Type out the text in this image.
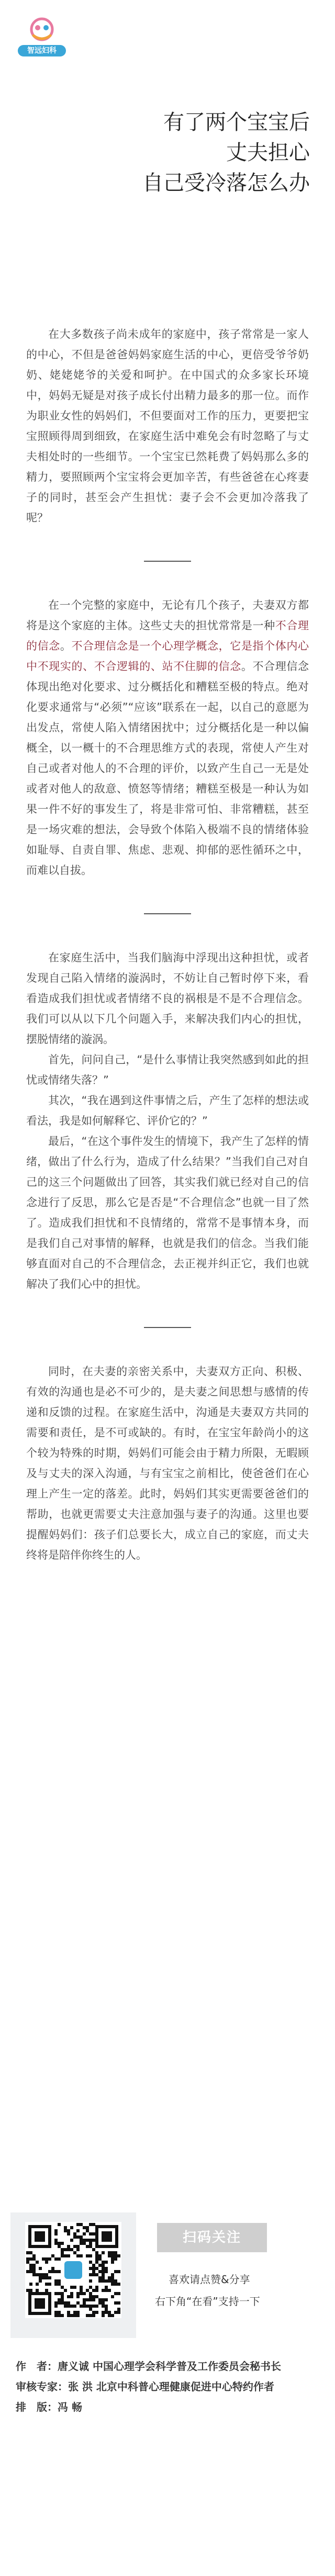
智远妇科
有了两个宝宝后
丈夫担心
自己受冷落怎么办

在大多数孩子尚未成年的家庭中，孩子常常是一家人的中心，不但是爸爸妈妈家庭生活的中心，更倍受爷爷奶奶、姥姥姥爷的关爱和呵护。在中国式的众多家长环境中，妈妈无疑是对孩子成长付出精力最多的那一位。而作为职业女性的妈妈们，不但要面对工作的压力，更要把宝宝照顾得周到细致，在家庭生活中难免会有时忽略了与丈夫相处时的一些细节。一个宝宝已然耗费了妈妈那么多的精力，要照顾两个宝宝将会更加辛苦，有些爸爸在心疼妻子的同时，甚至会产生担忧：妻子会不会更加冷落我了呢？

在一个完整的家庭中，无论有几个孩子，夫妻双方都将是这个家庭的主体。这些丈夫的担忧常常是一种不合理的信念。不合理信念是一个心理学概念，它是指个体内心中不现实的、不合逻辑的、站不住脚的信念。不合理信念体现出绝对化要求、过分概括化和糟糕至极的特点。绝对化要求通常与“必须”“应该”联系在一起，以自己的意愿为出发点，常使人陷入情绪困扰中；过分概括化是一种以偏概全，以一概十的不合理思维方式的表现，常使人产生对自己或者对他人的不合理的评价，以致产生自己一无是处或者对他人的敌意、愤怒等情绪；糟糕至极是一种认为如果一件不好的事发生了，将是非常可怕、非常糟糕，甚至是一场灾难的想法，会导致个体陷入极端不良的情绪体验如耻辱、自责自罪、焦虑、悲观、抑郁的恶性循环之中，而难以自拔。

在家庭生活中，当我们脑海中浮现出这种担忧，或者发现自己陷入情绪的漩涡时，不妨让自己暂时停下来，看看造成我们担忧或者情绪不良的祸根是不是不合理信念。我们可以从以下几个问题入手，来解决我们内心的担忧，摆脱情绪的漩涡。

首先，问问自己，“是什么事情让我突然感到如此的担忧或情绪失落？”

其次，“我在遇到这件事情之后，产生了怎样的想法或看法，我是如何解释它、评价它的？”

最后，“在这个事件发生的情境下，我产生了怎样的情绪，做出了什么行为，造成了什么结果？”当我们自己对自己的这三个问题做出了回答，其实我们就已经对自己的信念进行了反思，那么它是否是“不合理信念”也就一目了然了。造成我们担忧和不良情绪的，常常不是事情本身，而是我们自己对事情的解释，也就是我们的信念。当我们能够直面对自己的不合理信念，去正视并纠正它，我们也就解决了我们心中的担忧。

同时，在夫妻的亲密关系中，夫妻双方正向、积极、有效的沟通也是必不可少的，是夫妻之间思想与感情的传递和反馈的过程。在家庭生活中，沟通是夫妻双方共同的需要和责任，是不可或缺的。有时，在宝宝年龄尚小的这个较为特殊的时期，妈妈们可能会由于精力所限，无暇顾及与丈夫的深入沟通，与有宝宝之前相比，使爸爸们在心理上产生一定的落差。此时，妈妈们其实更需要爸爸们的帮助，也就更需要丈夫注意加强与妻子的沟通。这里也要提醒妈妈们：孩子们总要长大，成立自己的家庭，而丈夫终将是陪伴你终生的人。

扫码关注
喜欢请点赞&分享
右下角“在看”支持一下
作　者：唐义诚 中国心理学会科学普及工作委员会秘书长
审核专家：张 洪 北京中科普心理健康促进中心特约作者
排　版：冯 畅
